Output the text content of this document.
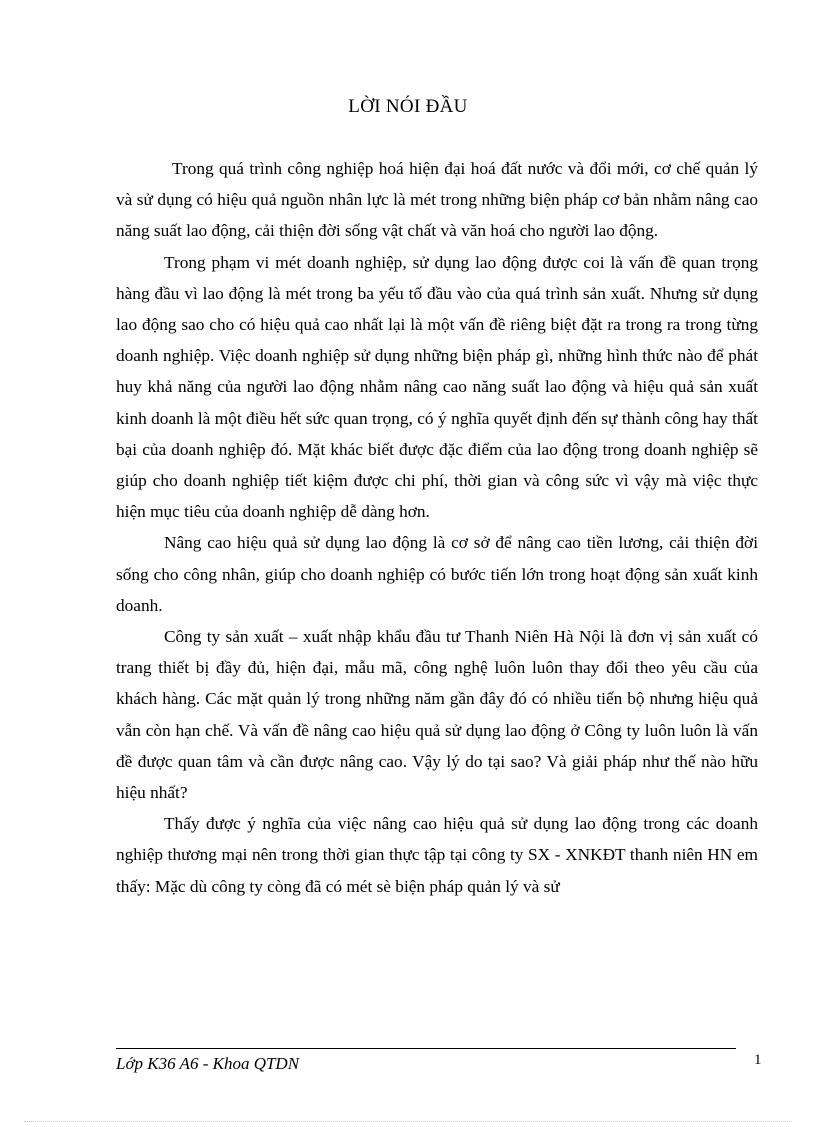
LỜI NÓI ĐẦU

Trong quá trình công nghiệp hoá hiện đại hoá đất nước và đổi mới, cơ chế quản lý và sử dụng có hiệu quả nguồn nhân lực là mét trong những biện pháp cơ bản nhằm nâng cao năng suất lao động, cải thiện đời sống vật chất và văn hoá cho người lao động.

Trong phạm vi mét doanh nghiệp, sử dụng lao động được coi là vấn đề quan trọng hàng đầu vì lao động là mét trong ba yếu tố đầu vào của quá trình sản xuất. Nhưng sử dụng lao động sao cho có hiệu quả cao nhất lại là một vấn đề riêng biệt đặt ra trong ra trong từng doanh nghiệp. Việc doanh nghiệp sử dụng những biện pháp gì, những hình thức nào để phát huy khả năng của người lao động nhằm nâng cao năng suất lao động và hiệu quả sản xuất kinh doanh là một điều hết sức quan trọng, có ý nghĩa quyết định đến sự thành công hay thất bại của doanh nghiệp đó. Mặt khác biết được đặc điểm của lao động trong doanh nghiệp sẽ giúp cho doanh nghiệp tiết kiệm được chi phí, thời gian và công sức vì vậy mà việc thực hiện mục tiêu của doanh nghiệp dễ dàng hơn.

Nâng cao hiệu quả sử dụng lao động là cơ sở để nâng cao tiền lương, cải thiện đời sống cho công nhân, giúp cho doanh nghiệp có bước tiến lớn trong hoạt động sản xuất kinh doanh.

Công ty sản xuất – xuất nhập khẩu đầu tư Thanh Niên Hà Nội là đơn vị sản xuất có trang thiết bị đầy đủ, hiện đại, mẫu mã, công nghệ luôn luôn thay đổi theo yêu cầu của khách hàng. Các mặt quản lý trong những năm gần đây đó có nhiều tiến bộ nhưng hiệu quả vẫn còn hạn chế. Và vấn đề nâng cao hiệu quả sử dụng lao động ở Công ty luôn luôn là vấn đề được quan tâm và cần được nâng cao. Vậy lý do tại sao? Và giải pháp như thế nào hữu hiệu nhất?

Thấy được ý nghĩa của việc nâng cao hiệu quả sử dụng lao động trong các doanh nghiệp thương mại nên trong thời gian thực tập tại công ty SX - XNKĐT thanh niên HN em thấy: Mặc dù công ty còng đã có mét sè biện pháp quản lý và sử

Lớp K36 A6 - Khoa QTDN	1
